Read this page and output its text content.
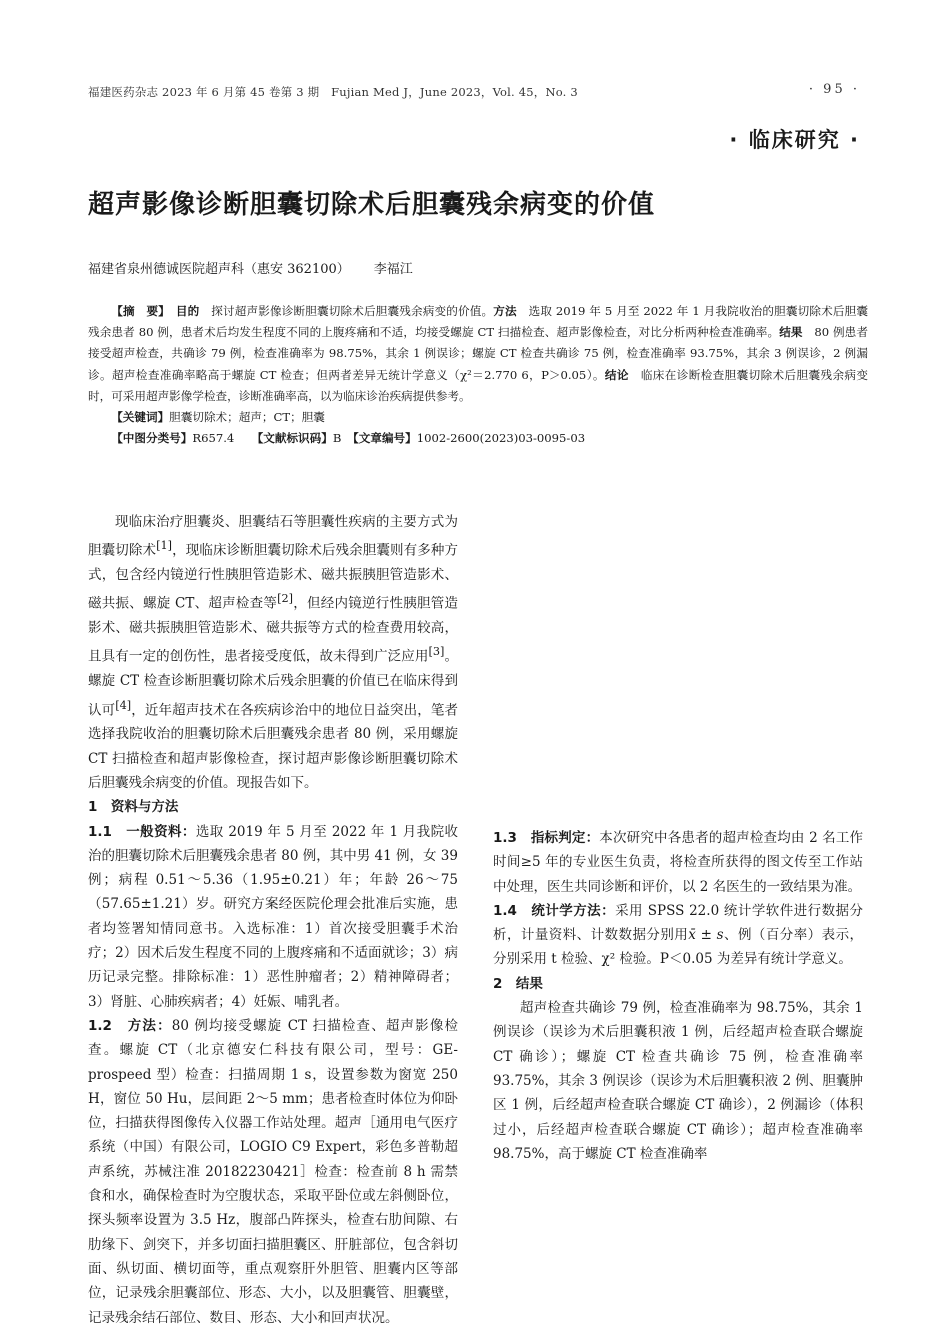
福建医药杂志 2023 年 6 月第 45 卷第 3 期　Fujian Med J，June 2023，Vol. 45，No. 3	· 95 ·
· 临床研究 ·
超声影像诊断胆囊切除术后胆囊残余病变的价值
福建省泉州德诚医院超声科（惠安 362100） 李福江

【摘　要】　 目的　 探讨超声影像诊断胆囊切除术后胆囊残余病变的价值。方法　 选取 2019 年 5 月至 2022 年 1 月我院收治的胆囊切除术后胆囊残余患者 80 例，患者术后均发生程度不同的上腹疼痛和不适，均接受螺旋 CT 扫描检查、超声影像检查，对比分析两种检查准确率。结果　 80 例患者接受超声检查，共确诊 79 例，检查准确率为 98.75%，其余 1 例误诊；螺旋 CT 检查共确诊 75 例，检查准确率 93.75%，其余 3 例误诊，2 例漏诊。超声检查准确率略高于螺旋 CT 检查；但两者差异无统计学意义（χ²＝2.770 6，P＞0.05）。结论　 临床在诊断检查胆囊切除术后胆囊残余病变时，可采用超声影像学检查，诊断准确率高，以为临床诊治疾病提供参考。

【关键词】胆囊切除术；超声；CT；胆囊

【中图分类号】R657.4　　 【文献标识码】B　 【文章编号】1002-2600(2023)03-0095-03

现临床治疗胆囊炎、胆囊结石等胆囊性疾病的主要方式为胆囊切除术[1]，现临床诊断胆囊切除术后残余胆囊则有多种方式，包含经内镜逆行性胰胆管造影术、磁共振胰胆管造影术、磁共振、螺旋 CT、超声检查等[2]，但经内镜逆行性胰胆管造影术、磁共振胰胆管造影术、磁共振等方式的检查费用较高，且具有一定的创伤性，患者接受度低，故未得到广泛应用[3]。螺旋 CT 检查诊断胆囊切除术后残余胆囊的价值已在临床得到认可[4]，近年超声技术在各疾病诊治中的地位日益突出，笔者选择我院收治的胆囊切除术后胆囊残余患者 80 例，采用螺旋 CT 扫描检查和超声影像检查，探讨超声影像诊断胆囊切除术后胆囊残余病变的价值。现报告如下。

1　资料与方法

1.1　 一般资料：选取 2019 年 5 月至 2022 年 1 月我院收治的胆囊切除术后胆囊残余患者 80 例，其中男 41 例，女 39 例；病程 0.51～5.36（1.95±0.21）年；年龄 26～75（57.65±1.21）岁。研究方案经医院伦理会批准后实施，患者均签署知情同意书。入选标准：1）首次接受胆囊手术治疗；2）因术后发生程度不同的上腹疼痛和不适面就诊；3）病历记录完整。排除标准：1）恶性肿瘤者；2）精神障碍者；3）肾脏、心肺疾病者；4）妊娠、哺乳者。

1.2　 方法：80 例均接受螺旋 CT 扫描检查、超声影像检查。螺旋 CT（北京德安仁科技有限公司，型号：GE-prospeed 型）检查：扫描周期 1 s，设置参数为窗宽 250 H，窗位 50 Hu，层间距 2～5 mm；患者检查时体位为仰卧位，扫描获得图像传入仪器工作站处理。超声［通用电气医疗系统（中国）有限公司，LOGIO C9 Expert，彩色多普勒超声系统，苏械注准 20182230421］检查：检查前 8 h 需禁食和水，确保检查时为空腹状态，采取平卧位或左斜侧卧位，探头频率设置为 3.5 Hz，腹部凸阵探头，检查右肋间隙、右肋缘下、剑突下，并多切面扫描胆囊区、肝脏部位，包含斜切面、纵切面、横切面等，重点观察肝外胆管、胆囊内区等部位，记录残余胆囊部位、形态、大小，以及胆囊管、胆囊壁，记录残余结石部位、数目、形态、大小和回声状况。

1.3　 指标判定：本次研究中各患者的超声检查均由 2 名工作时间≥5 年的专业医生负责，将检查所获得的图文传至工作站中处理，医生共同诊断和评价，以 2 名医生的一致结果为准。

1.4　 统计学方法：采用 SPSS 22.0 统计学软件进行数据分析，计量资料、计数数据分别用x̄ ± s、例（百分率）表示，分别采用 t 检验、χ² 检验。P＜0.05 为差异有统计学意义。

2　结果

超声检查共确诊 79 例，检查准确率为 98.75%，其余 1 例误诊（误诊为术后胆囊积液 1 例，后经超声检查联合螺旋 CT 确诊）；螺旋 CT 检查共确诊 75 例，检查准确率 93.75%，其余 3 例误诊（误诊为术后胆囊积液 2 例、胆囊肿区 1 例，后经超声检查联合螺旋 CT 确诊），2 例漏诊（体积过小，后经超声检查联合螺旋 CT 确诊）；超声检查准确率 98.75%，高于螺旋 CT 检查准确率
